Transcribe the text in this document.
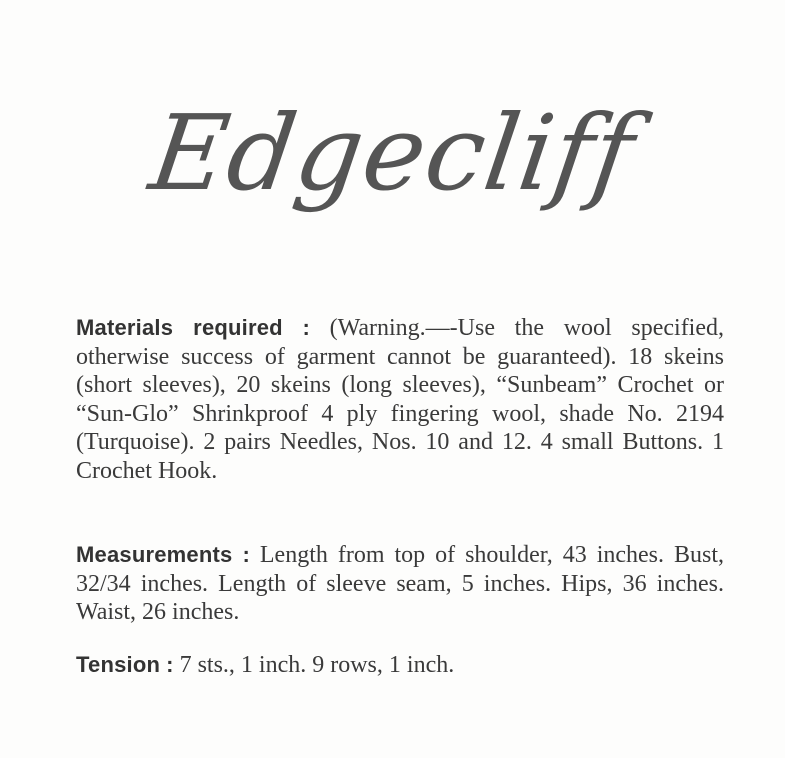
Edgecliff
Materials required : (Warning.—-Use the wool specified, otherwise success of garment cannot be guaranteed). 18 skeins (short sleeves), 20 skeins (long sleeves), “Sunbeam” Crochet or “Sun-Glo” Shrinkproof 4 ply fingering wool, shade No. 2194 (Turquoise). 2 pairs Needles, Nos. 10 and 12. 4 small Buttons. 1 Crochet Hook.
Measurements : Length from top of shoulder, 43 inches. Bust, 32/34 inches. Length of sleeve seam, 5 inches. Hips, 36 inches. Waist, 26 inches.
Tension : 7 sts., 1 inch. 9 rows, 1 inch.
